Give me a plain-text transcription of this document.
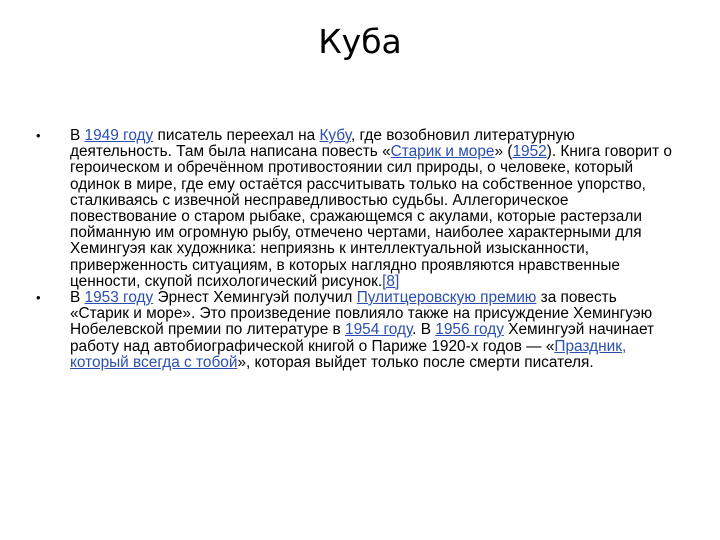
Куба
•	В 1949 году писатель переехал на Кубу, где возобновил литературную деятельность. Там была написана повесть «Старик и море» (1952). Книга говорит о героическом и обречённом противостоянии сил природы, о человеке, который одинок в мире, где ему остаётся рассчитывать только на собственное упорство, сталкиваясь с извечной несправедливостью судьбы. Аллегорическое повествование о старом рыбаке, сражающемся с акулами, которые растерзали пойманную им огромную рыбу, отмечено чертами, наиболее характерными для Хемингуэя как художника: неприязнь к интеллектуальной изысканности, приверженность ситуациям, в которых наглядно проявляются нравственные ценности, скупой психологический рисунок.[8]
•	В 1953 году Эрнест Хемингуэй получил Пулитцеровскую премию за повесть «Старик и море». Это произведение повлияло также на присуждение Хемингуэю Нобелевской премии по литературе в 1954 году. В 1956 году Хемингуэй начинает работу над автобиографической книгой о Париже 1920-х годов — «Праздник, который всегда с тобой», которая выйдет только после смерти писателя.
